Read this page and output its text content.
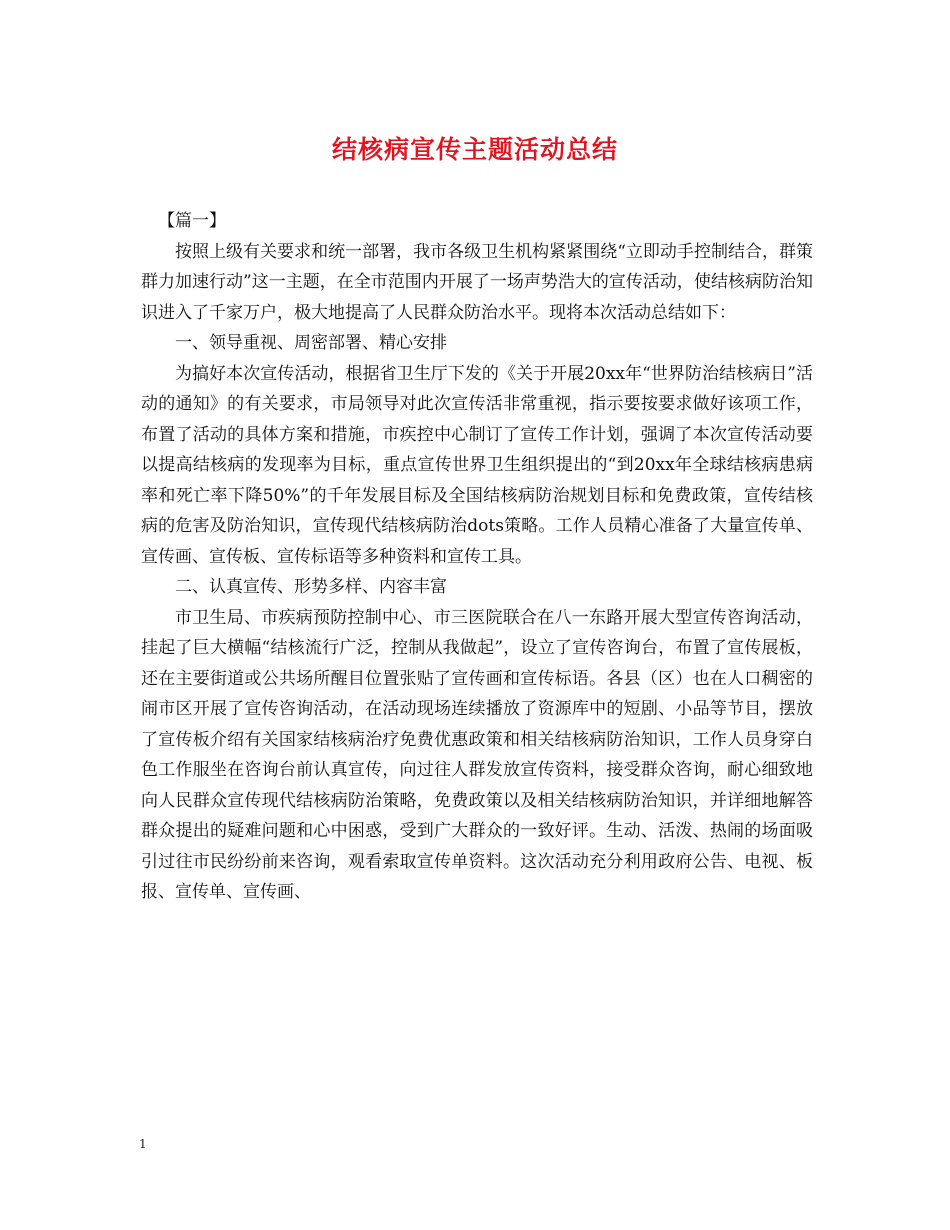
结核病宣传主题活动总结

【篇一】

按照上级有关要求和统一部署，我市各级卫生机构紧紧围绕“立即动手控制结合，群策群力加速行动”这一主题，在全市范围内开展了一场声势浩大的宣传活动，使结核病防治知识进入了千家万户，极大地提高了人民群众防治水平。现将本次活动总结如下：

一、领导重视、周密部署、精心安排

为搞好本次宣传活动，根据省卫生厅下发的《关于开展20xx年“世界防治结核病日”活动的通知》的有关要求，市局领导对此次宣传活非常重视，指示要按要求做好该项工作，布置了活动的具体方案和措施，市疾控中心制订了宣传工作计划，强调了本次宣传活动要以提高结核病的发现率为目标，重点宣传世界卫生组织提出的“到20xx年全球结核病患病率和死亡率下降50%”的千年发展目标及全国结核病防治规划目标和免费政策，宣传结核病的危害及防治知识，宣传现代结核病防治dots策略。工作人员精心准备了大量宣传单、宣传画、宣传板、宣传标语等多种资料和宣传工具。

二、认真宣传、形势多样、内容丰富

市卫生局、市疾病预防控制中心、市三医院联合在八一东路开展大型宣传咨询活动，挂起了巨大横幅“结核流行广泛，控制从我做起”，设立了宣传咨询台，布置了宣传展板，还在主要街道或公共场所醒目位置张贴了宣传画和宣传标语。各县（区）也在人口稠密的闹市区开展了宣传咨询活动，在活动现场连续播放了资源库中的短剧、小品等节目，摆放了宣传板介绍有关国家结核病治疗免费优惠政策和相关结核病防治知识，工作人员身穿白色工作服坐在咨询台前认真宣传，向过往人群发放宣传资料，接受群众咨询，耐心细致地向人民群众宣传现代结核病防治策略，免费政策以及相关结核病防治知识，并详细地解答群众提出的疑难问题和心中困惑，受到广大群众的一致好评。生动、活泼、热闹的场面吸引过往市民纷纷前来咨询，观看索取宣传单资料。这次活动充分利用政府公告、电视、板报、宣传单、宣传画、

1
